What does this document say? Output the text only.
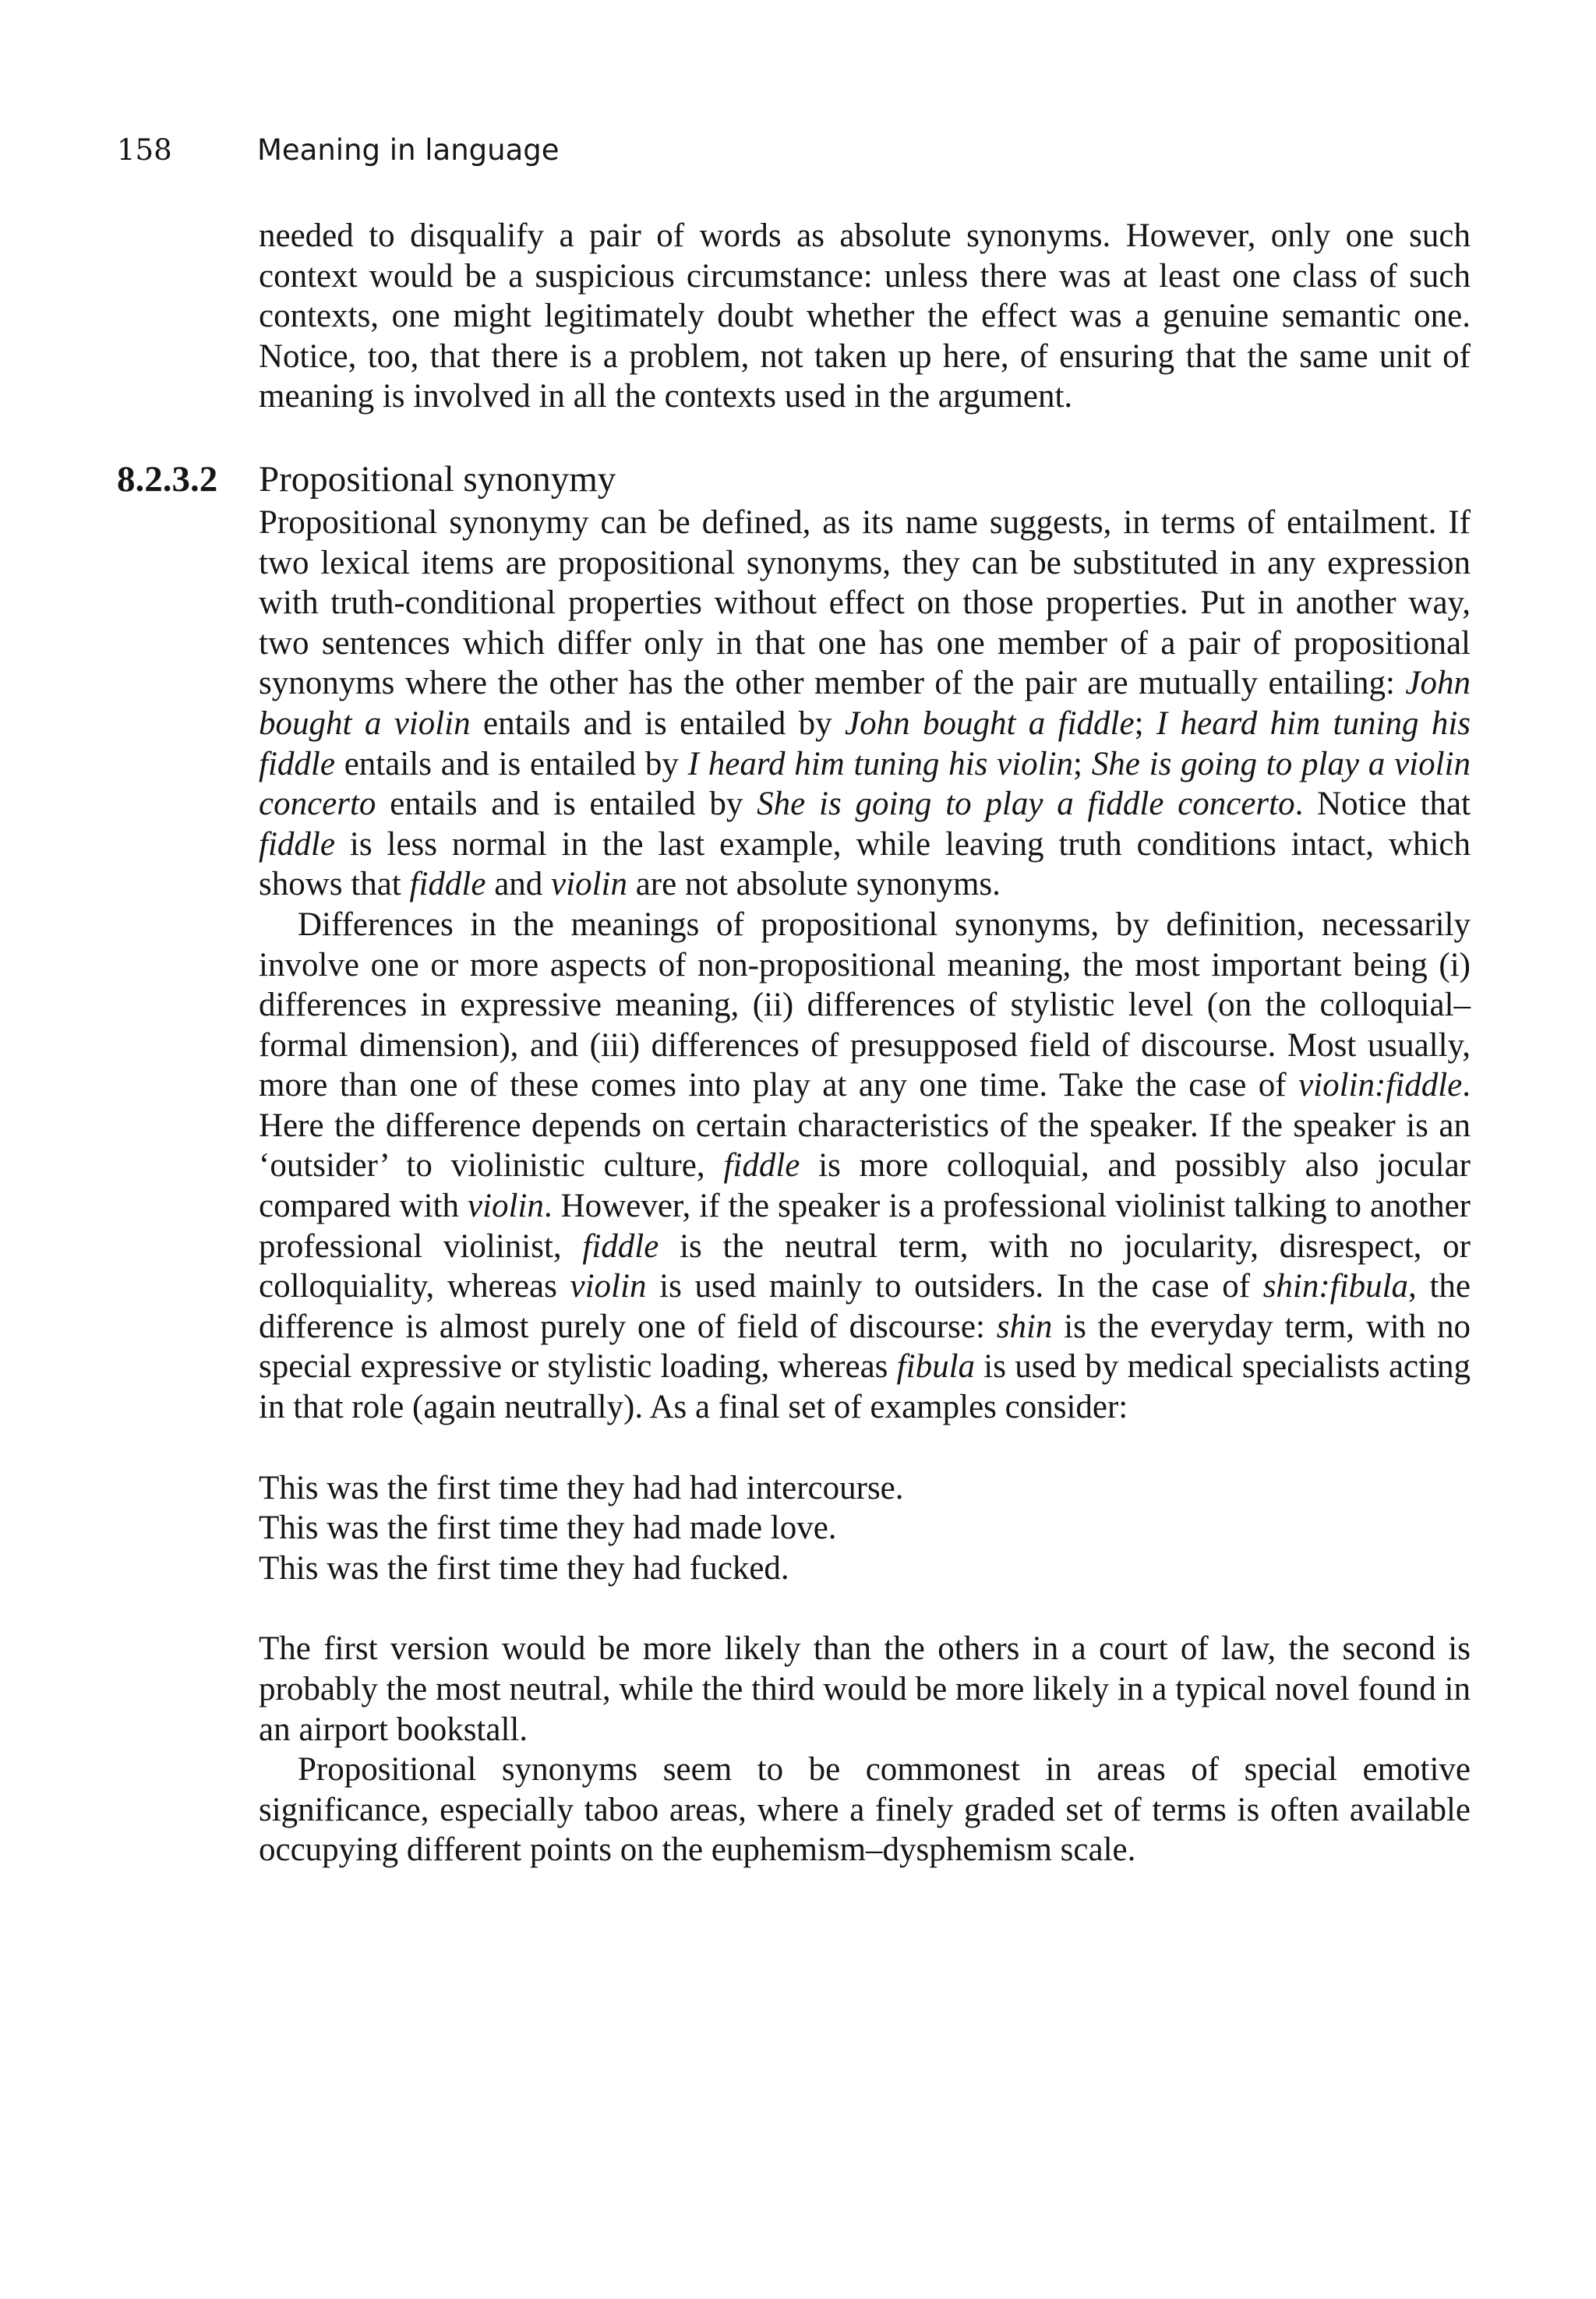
158	Meaning in language

needed to disqualify a pair of words as absolute synonyms. However, only one such context would be a suspicious circumstance: unless there was at least one class of such contexts, one might legitimately doubt whether the effect was a genuine semantic one. Notice, too, that there is a problem, not taken up here, of ensuring that the same unit of meaning is involved in all the contexts used in the argument.

8.2.3.2 Propositional synonymy

Propositional synonymy can be defined, as its name suggests, in terms of entailment. If two lexical items are propositional synonyms, they can be substituted in any expression with truth-conditional properties without effect on those properties. Put in another way, two sentences which differ only in that one has one member of a pair of propositional synonyms where the other has the other member of the pair are mutually entailing: John bought a violin entails and is entailed by John bought a fiddle; I heard him tuning his fiddle entails and is entailed by I heard him tuning his violin; She is going to play a violin concerto entails and is entailed by She is going to play a fiddle concerto. Notice that fiddle is less normal in the last example, while leaving truth conditions intact, which shows that fiddle and violin are not absolute synonyms.

Differences in the meanings of propositional synonyms, by definition, necessarily involve one or more aspects of non-propositional meaning, the most important being (i) differences in expressive meaning, (ii) differences of stylistic level (on the colloquial–formal dimension), and (iii) differences of presupposed field of discourse. Most usually, more than one of these comes into play at any one time. Take the case of violin:fiddle. Here the difference depends on certain characteristics of the speaker. If the speaker is an ‘outsider’ to violinistic culture, fiddle is more colloquial, and possibly also jocular compared with violin. However, if the speaker is a professional violinist talking to another professional violinist, fiddle is the neutral term, with no jocularity, disrespect, or colloquiality, whereas violin is used mainly to outsiders. In the case of shin:fibula, the difference is almost purely one of field of discourse: shin is the everyday term, with no special expressive or stylistic loading, whereas fibula is used by medical specialists acting in that role (again neutrally). As a final set of examples consider:

This was the first time they had had intercourse.
This was the first time they had made love.
This was the first time they had fucked.

The first version would be more likely than the others in a court of law, the second is probably the most neutral, while the third would be more likely in a typical novel found in an airport bookstall.

Propositional synonyms seem to be commonest in areas of special emotive significance, especially taboo areas, where a finely graded set of terms is often available occupying different points on the euphemism–dysphemism scale.
